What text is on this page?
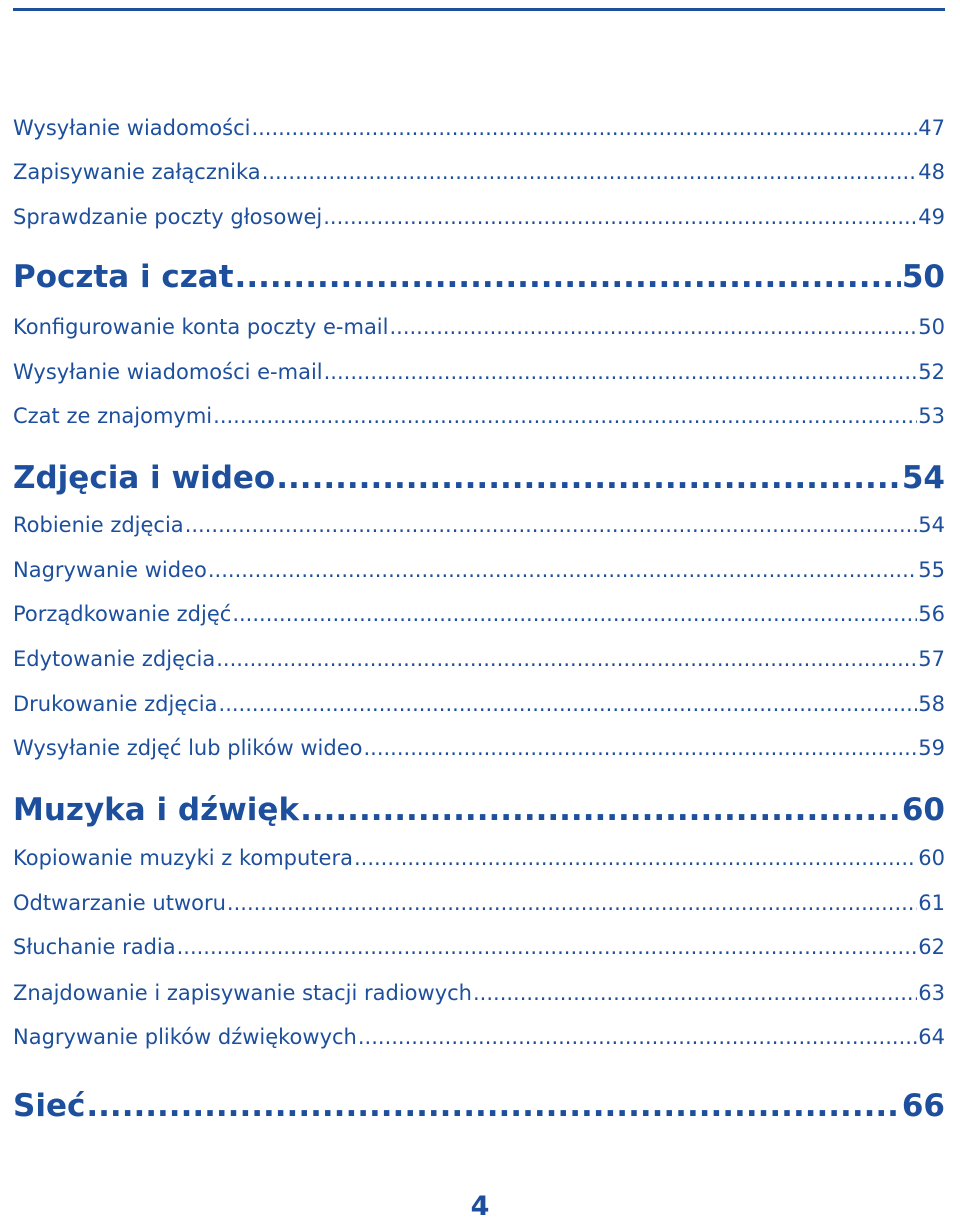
Wysyłanie wiadomości .....	47
Zapisywanie załącznika .....	48
Sprawdzanie poczty głosowej .....	49
Poczta i czat .....	50
Konfigurowanie konta poczty e-mail .....	50
Wysyłanie wiadomości e-mail .....	52
Czat ze znajomymi .....	53
Zdjęcia i wideo .....	54
Robienie zdjęcia .....	54
Nagrywanie wideo .....	55
Porządkowanie zdjęć .....	56
Edytowanie zdjęcia .....	57
Drukowanie zdjęcia .....	58
Wysyłanie zdjęć lub plików wideo .....	59
Muzyka i dźwięk .....	60
Kopiowanie muzyki z komputera .....	60
Odtwarzanie utworu .....	61
Słuchanie radia .....	62
Znajdowanie i zapisywanie stacji radiowych .....	63
Nagrywanie plików dźwiękowych .....	64
Sieć .....	66
4
